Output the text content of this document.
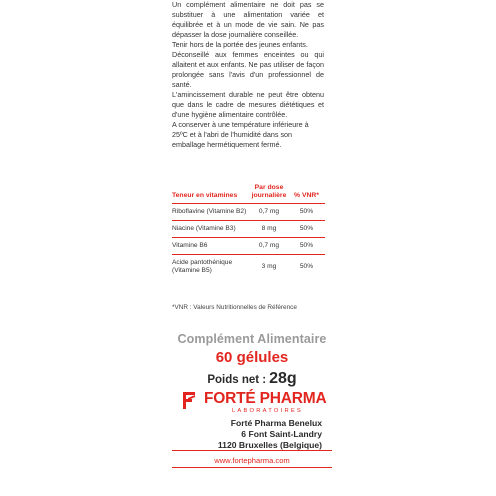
Un complément alimentaire ne doit pas se substituer à une alimentation variée et équilibrée et à un mode de vie sain. Ne pas dépasser la dose journalière conseillée.

Tenir hors de la portée des jeunes enfants.

Déconseillé aux femmes enceintes ou qui allaitent et aux enfants. Ne pas utiliser de façon prolongée sans l'avis d'un professionnel de santé.

L'amincissement durable ne peut être obtenu que dans le cadre de mesures diététiques et d'une hygiène alimentaire contrôlée.

A conserver à une température inférieure à 25ºC et à l'abri de l'humidité dans son emballage hermétiquement fermé.

Teneur en vitamines	Par dose journalière	% VNR*
Riboflavine (Vitamine B2)	0,7 mg	50%
Niacine (Vitamine B3)	8 mg	50%
Vitamine B6	0,7 mg	50%
Acide pantothénique (Vitamine B5)	3 mg	50%
*VNR : Valeurs Nutritionnelles de Référence
Complément Alimentaire
60 gélules
Poids net : 28g
FORTÉ PHARMA
LABORATOIRES
Forté Pharma Benelux
6 Font Saint-Landry
1120 Bruxelles (Belgique)
www.fortepharma.com
